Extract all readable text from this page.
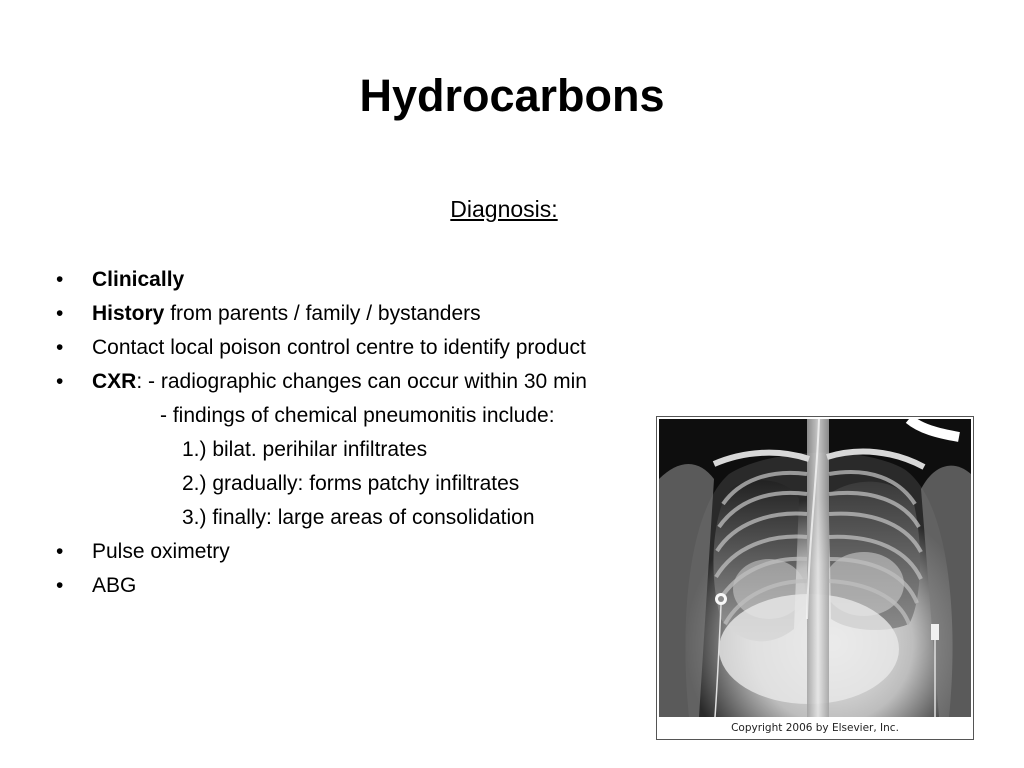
Hydrocarbons
Diagnosis:
•	Clinically
•	History from parents / family / bystanders
•	Contact local poison control centre to identify product
•	CXR: - radiographic changes can occur within 30 min
- findings of chemical pneumonitis include:
1.) bilat. perihilar infiltrates
2.) gradually: forms patchy infiltrates
3.) finally: large areas of consolidation
•	Pulse oximetry
•	ABG
Copyright 2006 by Elsevier, Inc.
